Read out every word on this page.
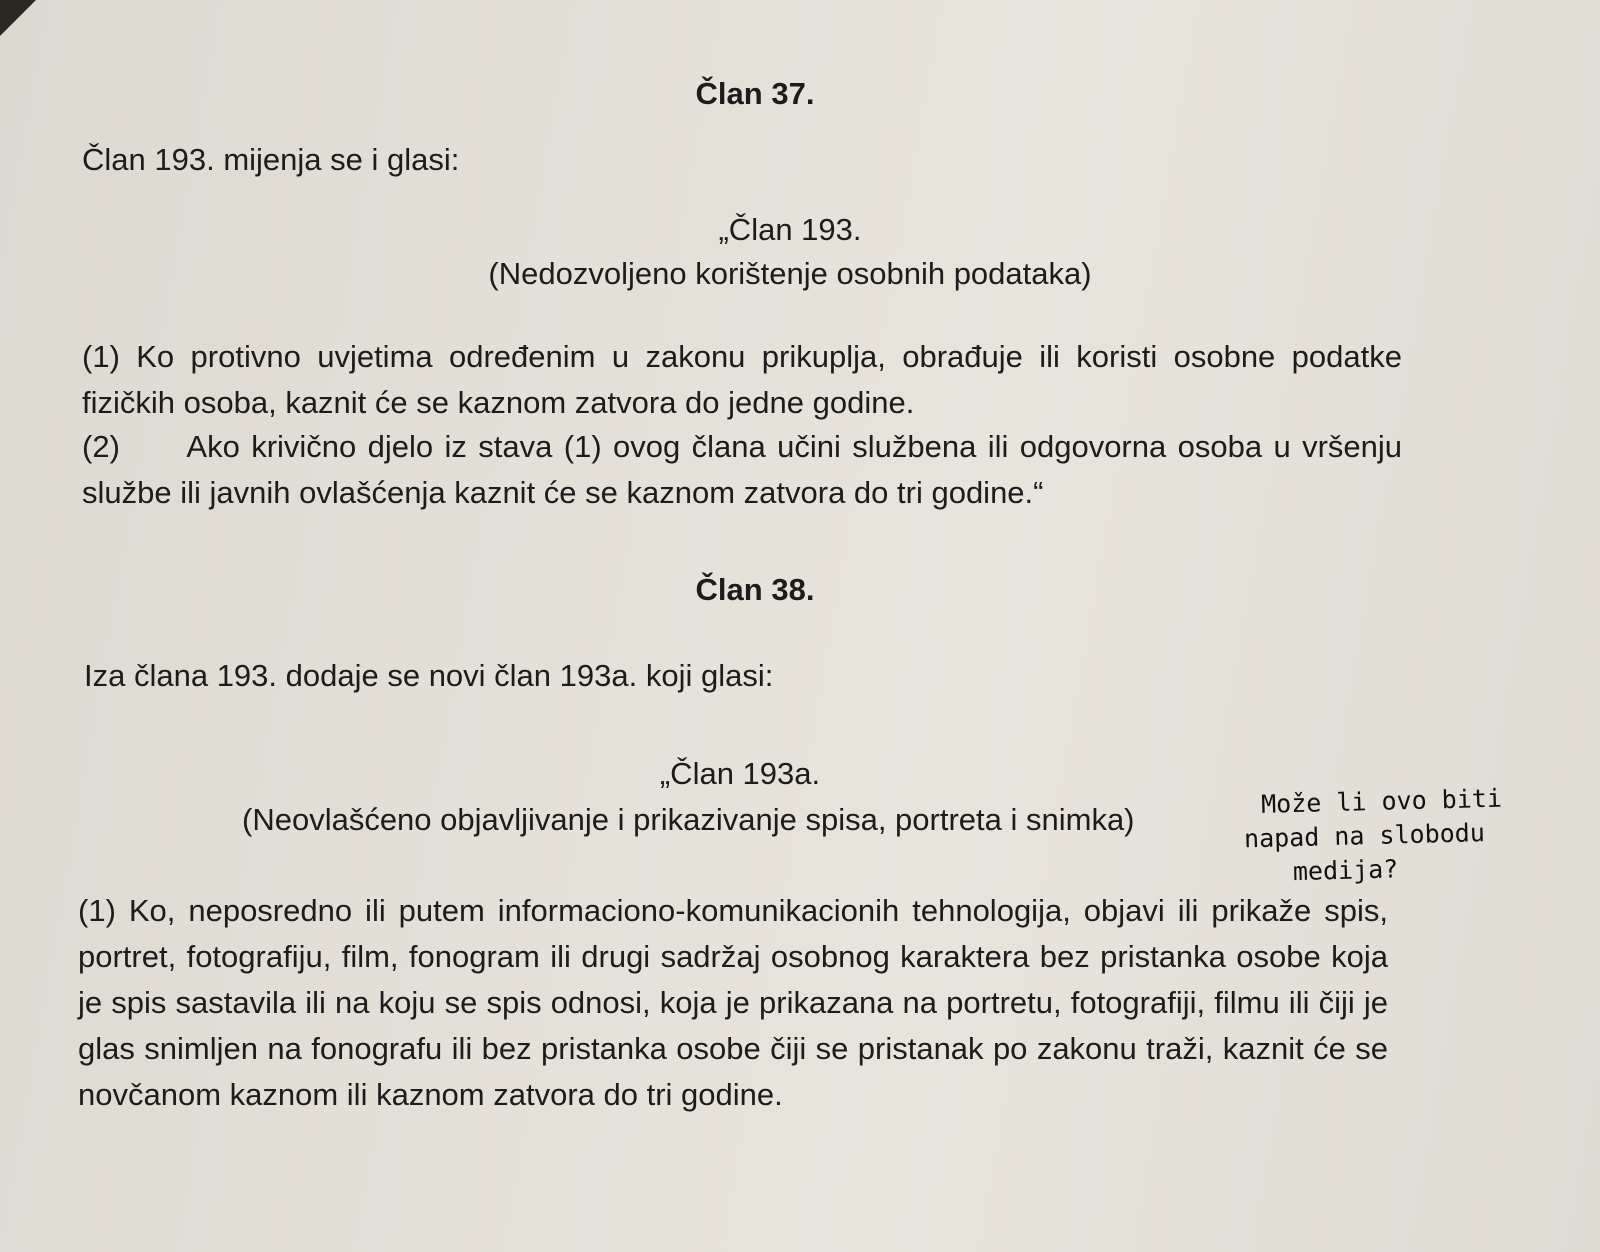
Član 37.
Član 193. mijenja se i glasi:
„Član 193.
(Nedozvoljeno korištenje osobnih podataka)
(1) Ko protivno uvjetima određenim u zakonu prikuplja, obrađuje ili koristi osobne podatke fizičkih osoba, kaznit će se kaznom zatvora do jedne godine.
(2)      Ako krivično djelo iz stava (1) ovog člana učini službena ili odgovorna osoba u vršenju službe ili javnih ovlašćenja kaznit će se kaznom zatvora do tri godine.“
Član 38.
Iza člana 193. dodaje se novi član 193a. koji glasi:
„Član 193a.
(Neovlašćeno objavljivanje i prikazivanje spisa, portreta i snimka)
(1) Ko, neposredno ili putem informaciono-komunikacionih tehnologija, objavi ili prikaže spis, portret, fotografiju, film, fonogram ili drugi sadržaj osobnog karaktera bez pristanka osobe koja je spis sastavila ili na koju se spis odnosi, koja je prikazana na portretu, fotografiji, filmu ili čiji je glas snimljen na fonografu ili bez pristanka osobe čiji se pristanak po zakonu traži, kaznit će se novčanom kaznom ili kaznom zatvora do tri godine.
Može li ovo biti
napad na slobodu
medija?
